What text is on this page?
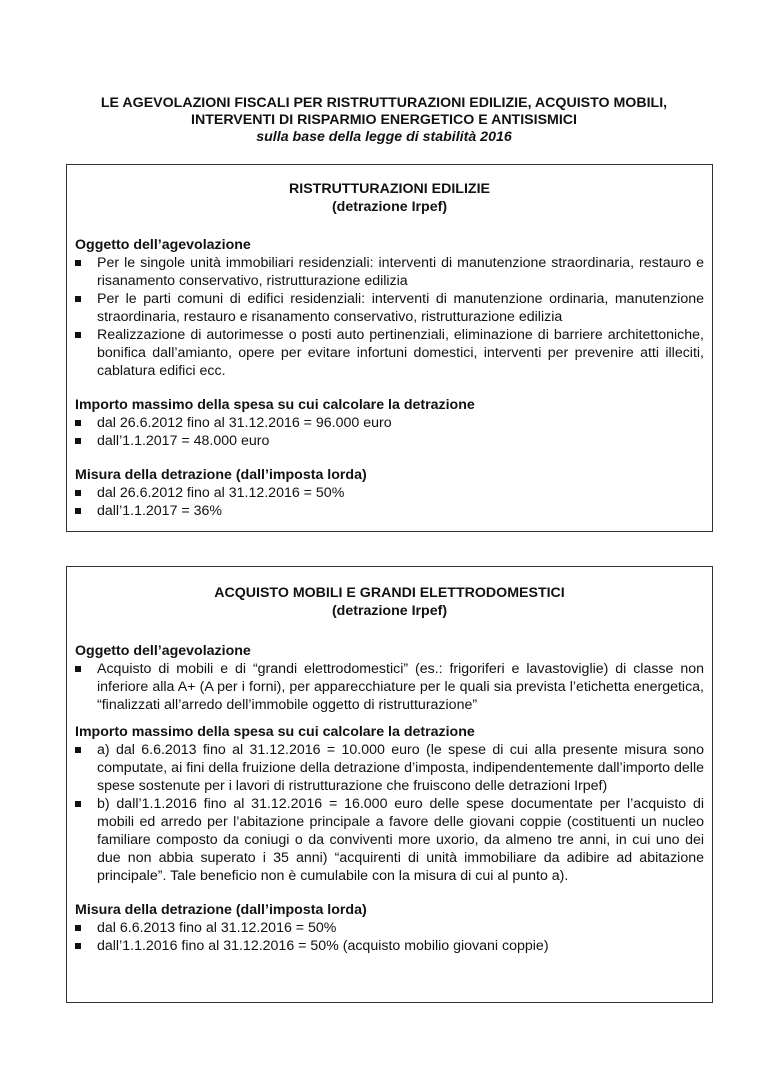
LE AGEVOLAZIONI FISCALI PER RISTRUTTURAZIONI EDILIZIE, ACQUISTO MOBILI,
INTERVENTI DI RISPARMIO ENERGETICO E ANTISISMICI
sulla base della legge di stabilità 2016
RISTRUTTURAZIONI EDILIZIE
(detrazione Irpef)

Oggetto dell’agevolazione

Per le singole unità immobiliari residenziali: interventi di manutenzione straordinaria, restauro e risanamento conservativo, ristrutturazione edilizia
Per le parti comuni di edifici residenziali: interventi di manutenzione ordinaria, manutenzione straordinaria, restauro e risanamento conservativo, ristrutturazione edilizia
Realizzazione di autorimesse o posti auto pertinenziali, eliminazione di barriere architettoniche, bonifica dall’amianto, opere per evitare infortuni domestici, interventi per prevenire atti illeciti, cablatura edifici ecc.

Importo massimo della spesa su cui calcolare la detrazione

dal 26.6.2012 fino al 31.12.2016 = 96.000 euro
dall’1.1.2017 = 48.000 euro

Misura della detrazione (dall’imposta lorda)

dal 26.6.2012 fino al 31.12.2016 = 50%
dall’1.1.2017 = 36%
ACQUISTO MOBILI E GRANDI ELETTRODOMESTICI
(detrazione Irpef)

Oggetto dell’agevolazione

Acquisto di mobili e di “grandi elettrodomestici” (es.: frigoriferi e lavastoviglie) di classe non inferiore alla A+ (A per i forni), per apparecchiature per le quali sia prevista l’etichetta energetica, “finalizzati all’arredo dell’immobile oggetto di ristrutturazione”

Importo massimo della spesa su cui calcolare la detrazione

a) dal 6.6.2013 fino al 31.12.2016 = 10.000 euro (le spese di cui alla presente misura sono computate, ai fini della fruizione della detrazione d’imposta, indipendentemente dall’importo delle spese sostenute per i lavori di ristrutturazione che fruiscono delle detrazioni Irpef)
b) dall’1.1.2016 fino al 31.12.2016 = 16.000 euro delle spese documentate per l’acquisto di mobili ed arredo per l’abitazione principale a favore delle giovani coppie (costituenti un nucleo familiare composto da coniugi o da conviventi more uxorio, da almeno tre anni, in cui uno dei due non abbia superato i 35 anni) “acquirenti di unità immobiliare da adibire ad abitazione principale”. Tale beneficio non è cumulabile con la misura di cui al punto a).

Misura della detrazione (dall’imposta lorda)

dal 6.6.2013 fino al 31.12.2016 = 50%
dall’1.1.2016 fino al 31.12.2016 = 50% (acquisto mobilio giovani coppie)
